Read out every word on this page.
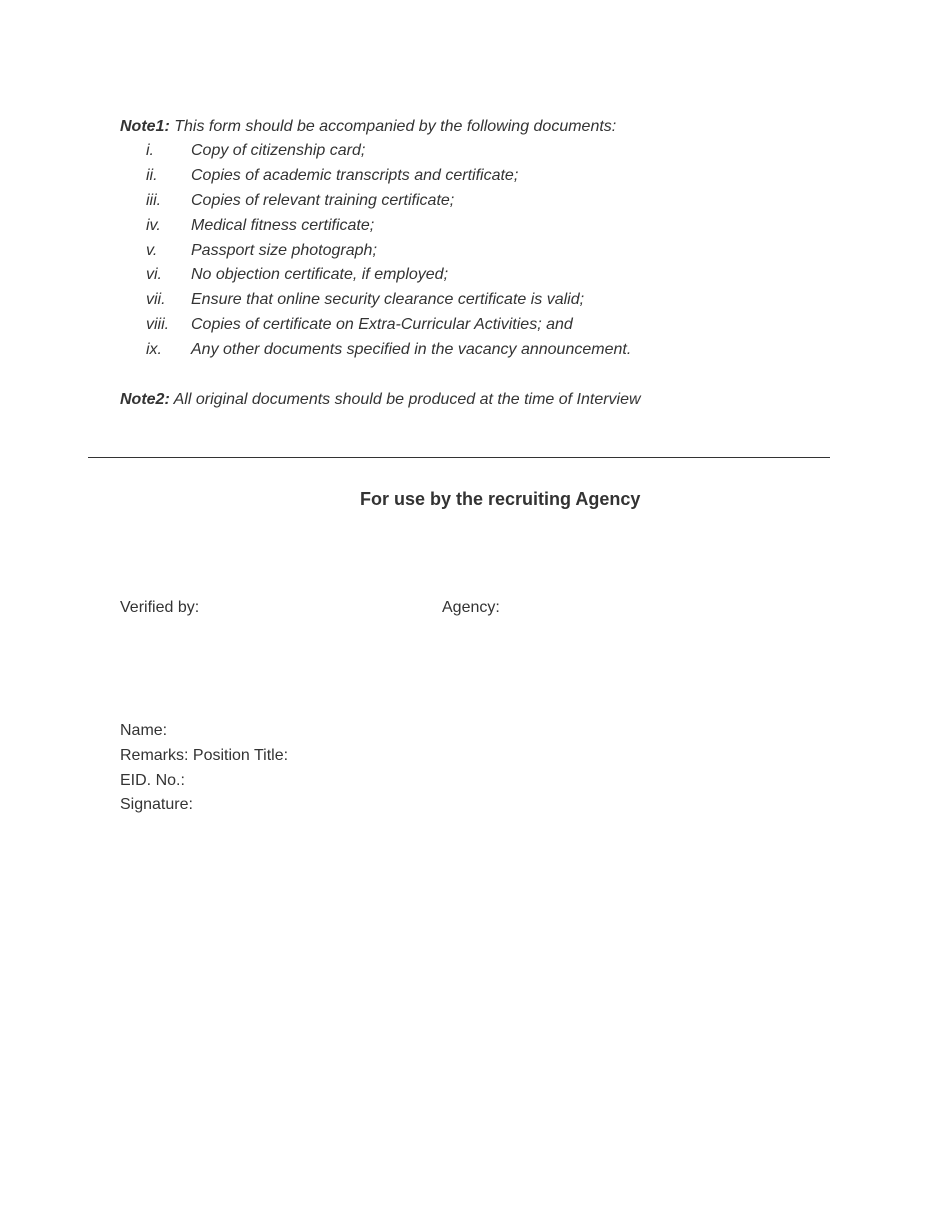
Note1: This form should be accompanied by the following documents:
i. Copy of citizenship card;
ii. Copies of academic transcripts and certificate;
iii. Copies of relevant training certificate;
iv. Medical fitness certificate;
v. Passport size photograph;
vi. No objection certificate, if employed;
vii. Ensure that online security clearance certificate is valid;
viii. Copies of certificate on Extra-Curricular Activities; and
ix. Any other documents specified in the vacancy announcement.
Note2: All original documents should be produced at the time of Interview
For use by the recruiting Agency
Verified by:	Agency:
Name:
Remarks: Position Title:
EID. No.:
Signature:
